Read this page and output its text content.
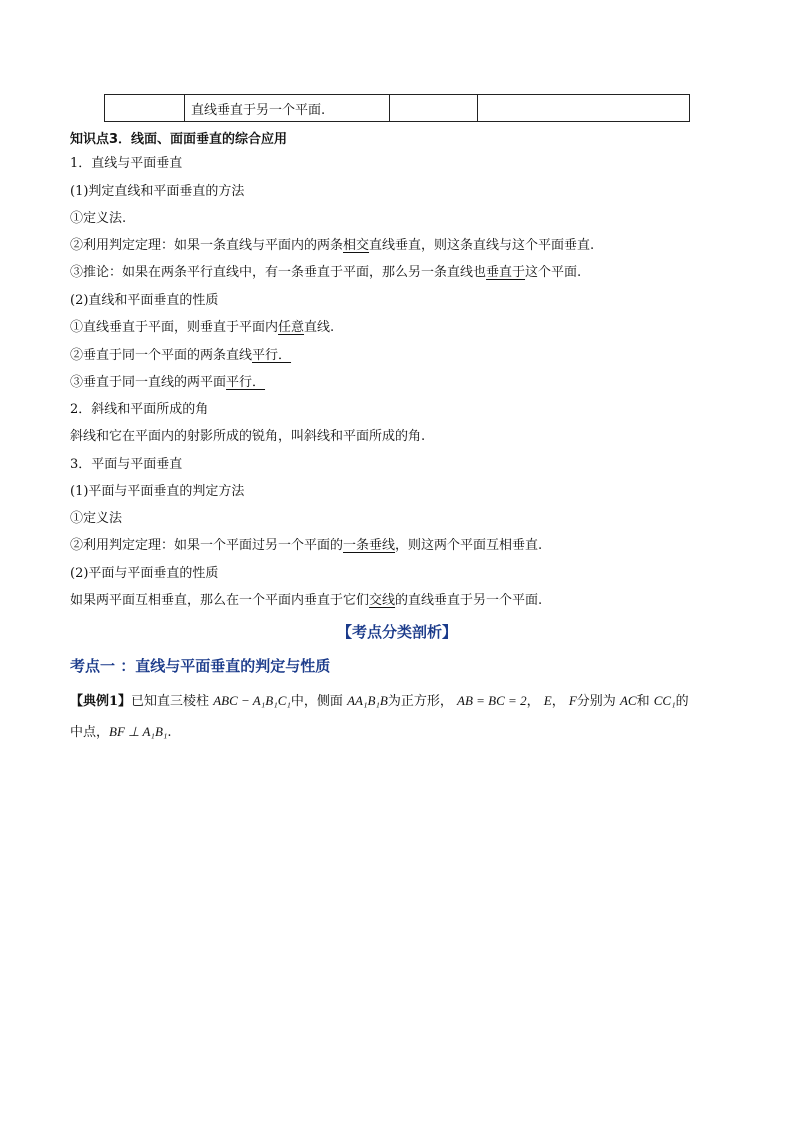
	直线垂直于另一个平面.		
知识点3．线面、面面垂直的综合应用
1．直线与平面垂直
(1)判定直线和平面垂直的方法
①定义法.
②利用判定定理：如果一条直线与平面内的两条相交直线垂直，则这条直线与这个平面垂直.
③推论：如果在两条平行直线中，有一条垂直于平面，那么另一条直线也垂直于这个平面.
(2)直线和平面垂直的性质
①直线垂直于平面，则垂直于平面内任意直线.
②垂直于同一个平面的两条直线平行．
③垂直于同一直线的两平面平行．
2．斜线和平面所成的角
斜线和它在平面内的射影所成的锐角，叫斜线和平面所成的角.
3．平面与平面垂直
(1)平面与平面垂直的判定方法
①定义法
②利用判定定理：如果一个平面过另一个平面的一条垂线，则这两个平面互相垂直.
(2)平面与平面垂直的性质
如果两平面互相垂直，那么在一个平面内垂直于它们交线的直线垂直于另一个平面.
【考点分类剖析】
考点一 ：直线与平面垂直的判定与性质
【典例1】已知直三棱柱 ABC − A₁B₁C₁中，侧面 AA₁B₁B为正方形， AB = BC = 2， E， F分别为 AC和 CC₁的
中点，BF ⊥ A₁B₁.
